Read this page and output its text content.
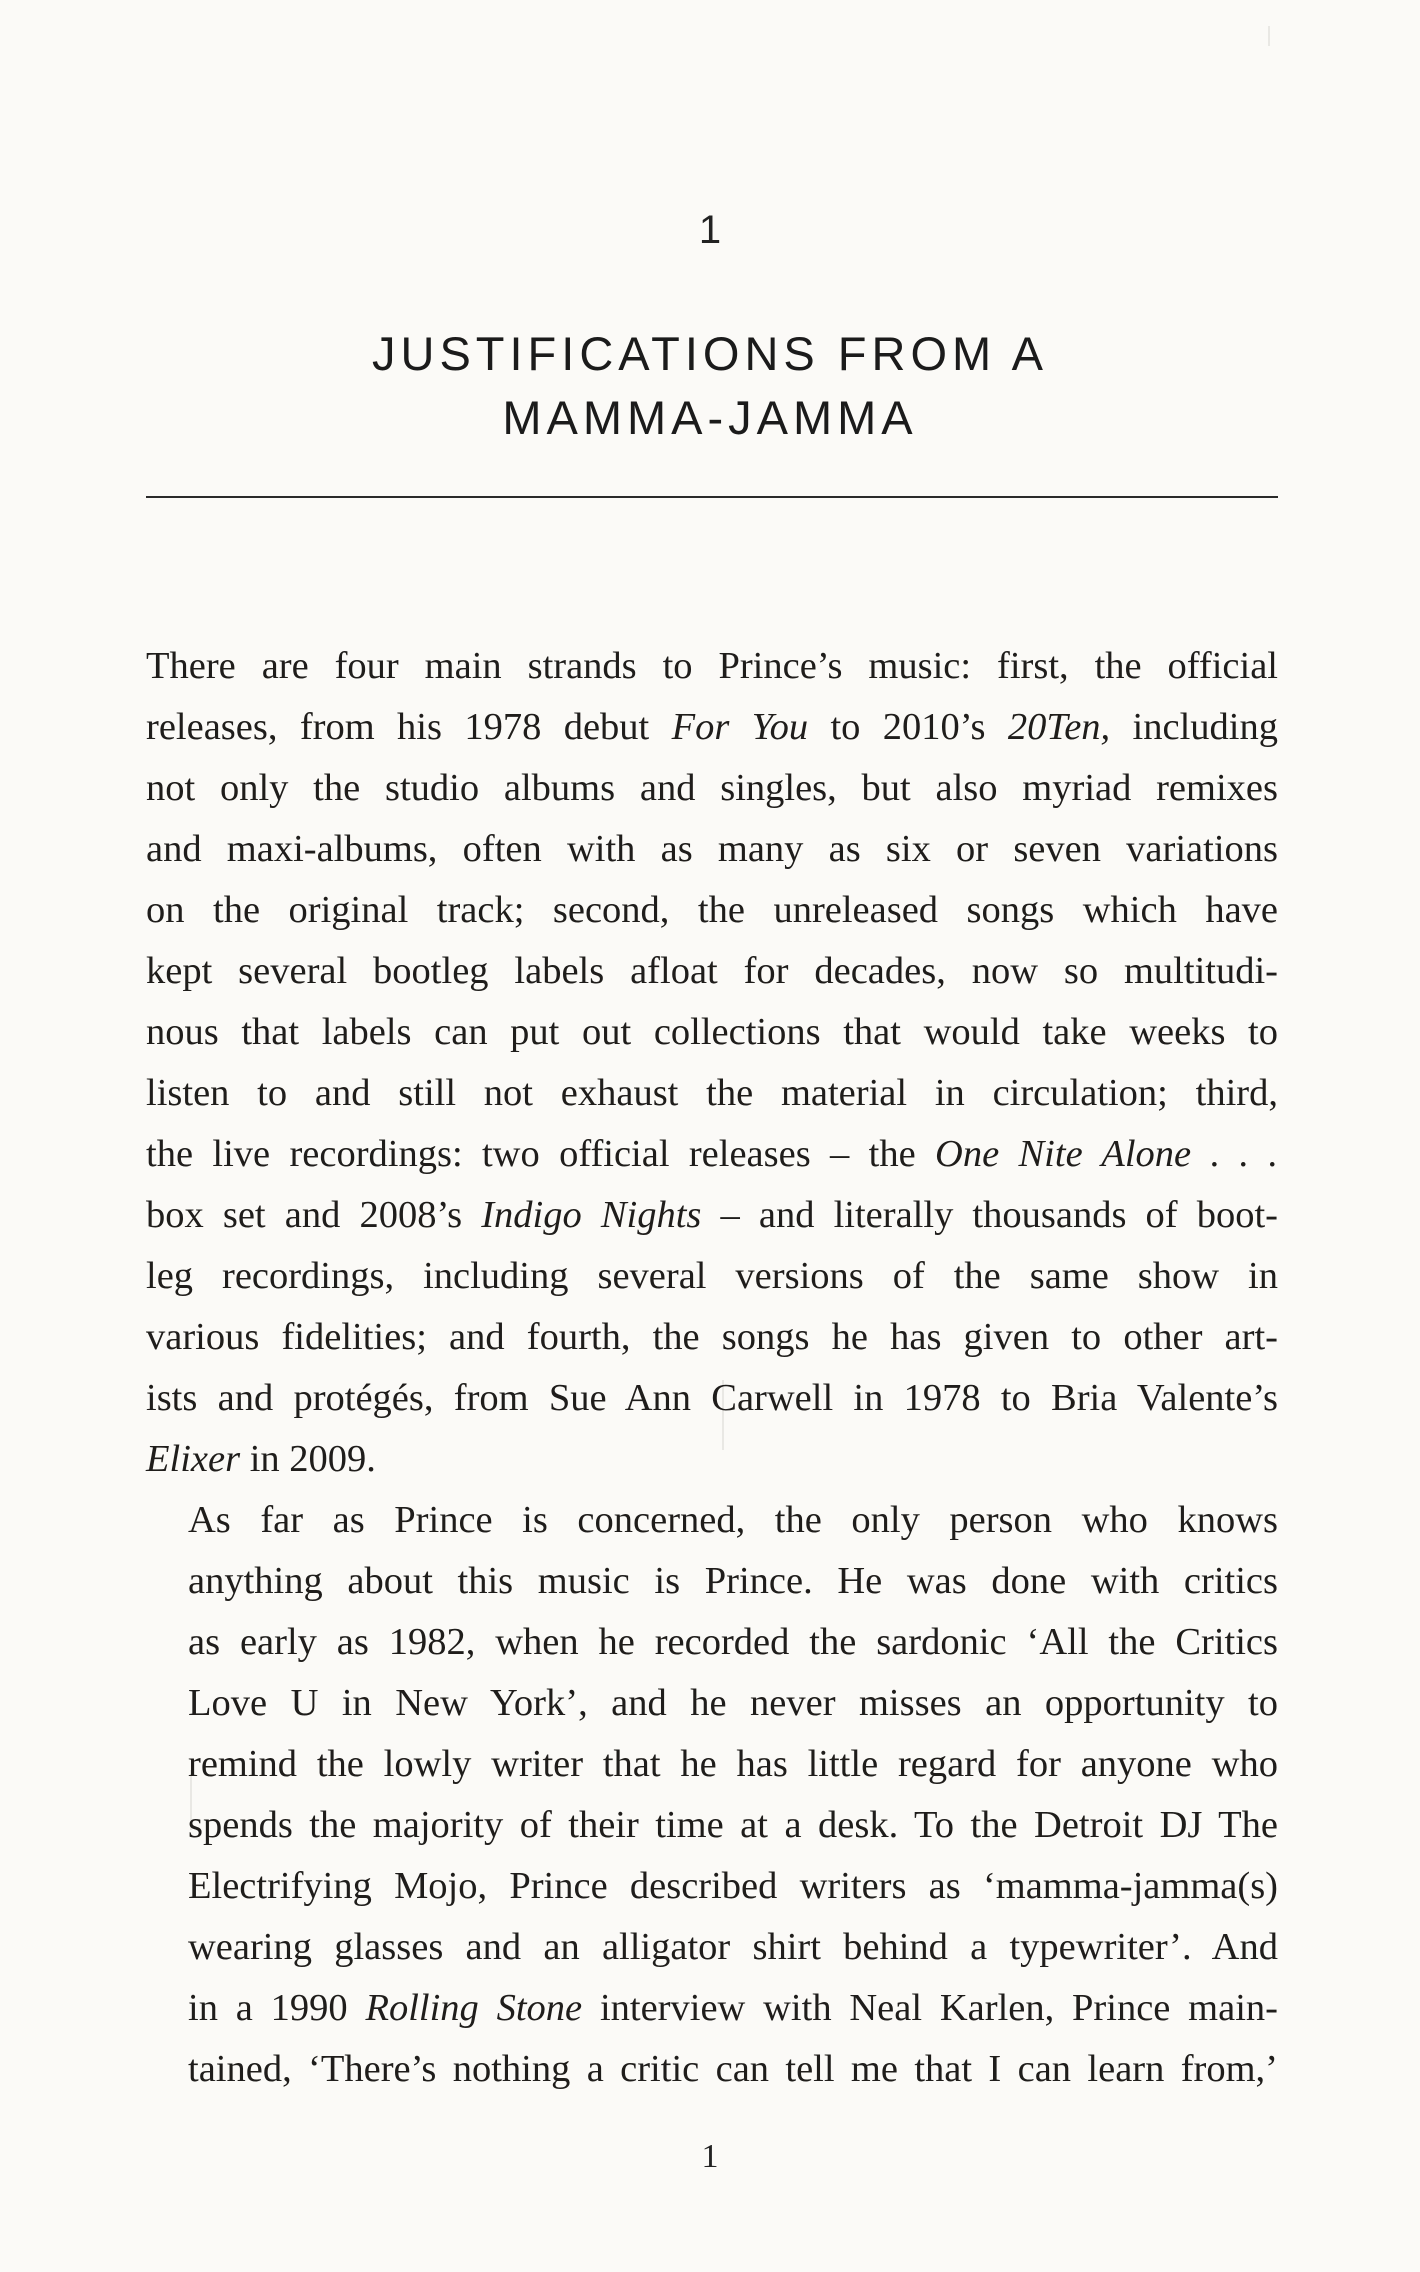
1
JUSTIFICATIONS FROM A
MAMMA-JAMMA

There are four main strands to Prince’s music: first, the official
releases, from his 1978 debut For You to 2010’s 20Ten, including
not only the studio albums and singles, but also myriad remixes
and maxi-albums, often with as many as six or seven variations
on the original track; second, the unreleased songs which have
kept several bootleg labels afloat for decades, now so multitudi-
nous that labels can put out collections that would take weeks to
listen to and still not exhaust the material in circulation; third,
the live recordings: two official releases – the One Nite Alone . . .
box set and 2008’s Indigo Nights – and literally thousands of boot-
leg recordings, including several versions of the same show in
various fidelities; and fourth, the songs he has given to other art-
ists and protégés, from Sue Ann Carwell in 1978 to Bria Valente’s
Elixer in 2009.

As far as Prince is concerned, the only person who knows
anything about this music is Prince. He was done with critics
as early as 1982, when he recorded the sardonic ‘All the Critics
Love U in New York’, and he never misses an opportunity to
remind the lowly writer that he has little regard for anyone who
spends the majority of their time at a desk. To the Detroit DJ The
Electrifying Mojo, Prince described writers as ‘mamma-jamma(s)
wearing glasses and an alligator shirt behind a typewriter’. And
in a 1990 Rolling Stone interview with Neal Karlen, Prince main-
tained, ‘There’s nothing a critic can tell me that I can learn from,’

1
